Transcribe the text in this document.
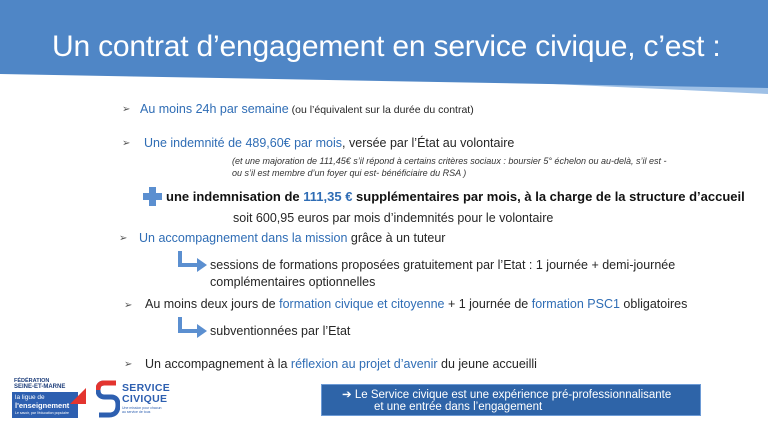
Un contrat d’engagement en service civique, c’est :
➢ Au moins 24h par semaine (ou l’équivalent sur la durée du contrat)
➢ Une indemnité de 489,60€ par mois, versée par l’État au volontaire
(et une majoration de 111,45€ s’il répond à certains critères sociaux : boursier 5° échelon ou au-delà, s’il est -
ou s’il est membre d’un foyer qui est- bénéficiaire du RSA )
une indemnisation de 111,35 € supplémentaires par mois, à la charge de la structure d’accueil
soit 600,95 euros par mois d’indemnités pour le volontaire
➢ Un accompagnement dans la mission grâce à un tuteur
sessions de formations proposées gratuitement par l’Etat : 1 journée + demi-journée
complémentaires optionnelles
➢ Au moins deux jours de formation civique et citoyenne + 1 journée de formation PSC1 obligatoires
subventionnées par l’Etat
➢ Un accompagnement à la réflexion au projet d’avenir du jeune accueilli
FÉDÉRATION
SEINE-ET-MARNE
la ligue de
l'enseignement
Le savoir, par l'éducation populaire
SERVICE
CIVIQUE
Une mission pour chacun
au service de tous
➔ Le Service civique est une expérience pré-professionnalisante
et une entrée dans l’engagement
